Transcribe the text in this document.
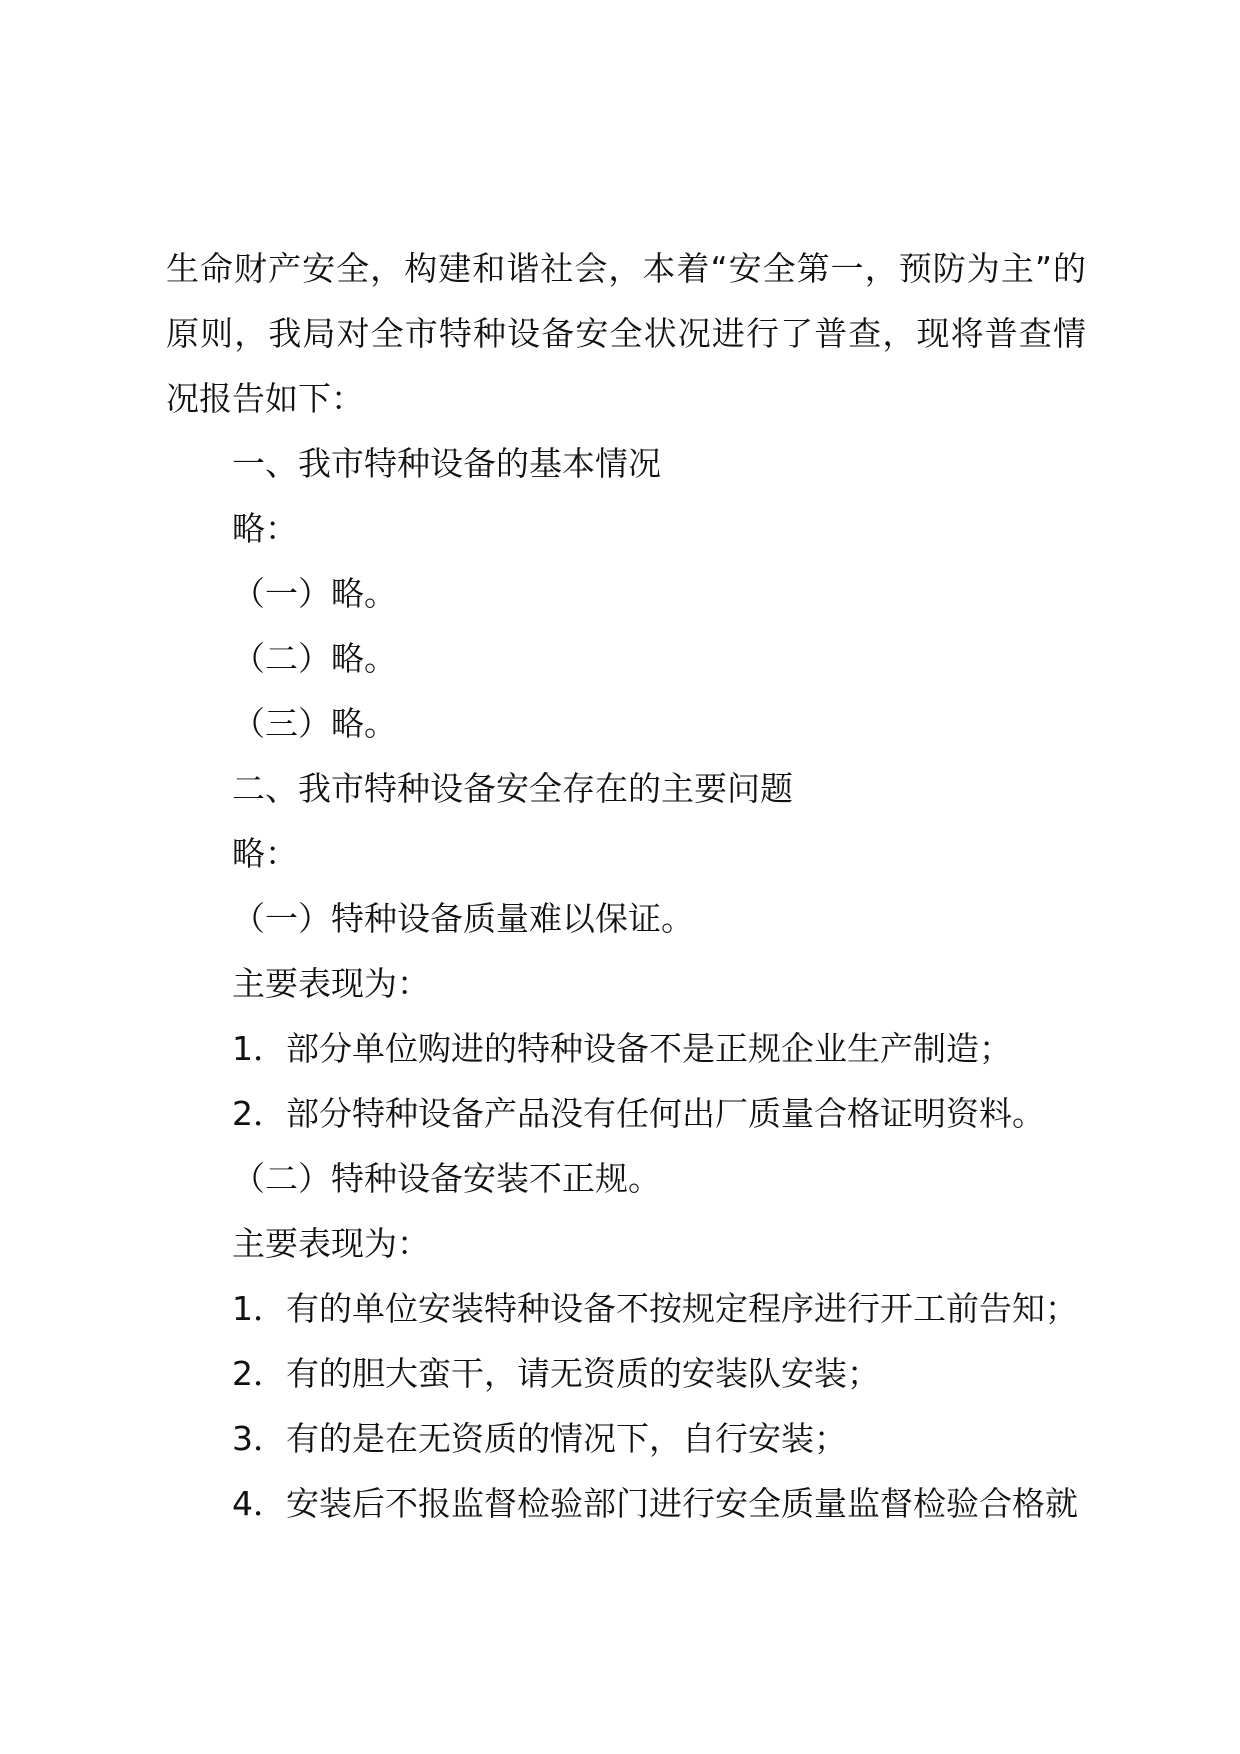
生命财产安全，构建和谐社会，本着“安全第一，预防为主”的原则，我局对全市特种设备安全状况进行了普查，现将普查情况报告如下：

一、我市特种设备的基本情况

略：

（一）略。

（二）略。

（三）略。

二、我市特种设备安全存在的主要问题

略：

（一）特种设备质量难以保证。

主要表现为：

1．部分单位购进的特种设备不是正规企业生产制造；

2．部分特种设备产品没有任何出厂质量合格证明资料。

（二）特种设备安装不正规。

主要表现为：

1．有的单位安装特种设备不按规定程序进行开工前告知；

2．有的胆大蛮干，请无资质的安装队安装；

3．有的是在无资质的情况下，自行安装；

4．安装后不报监督检验部门进行安全质量监督检验合格就
